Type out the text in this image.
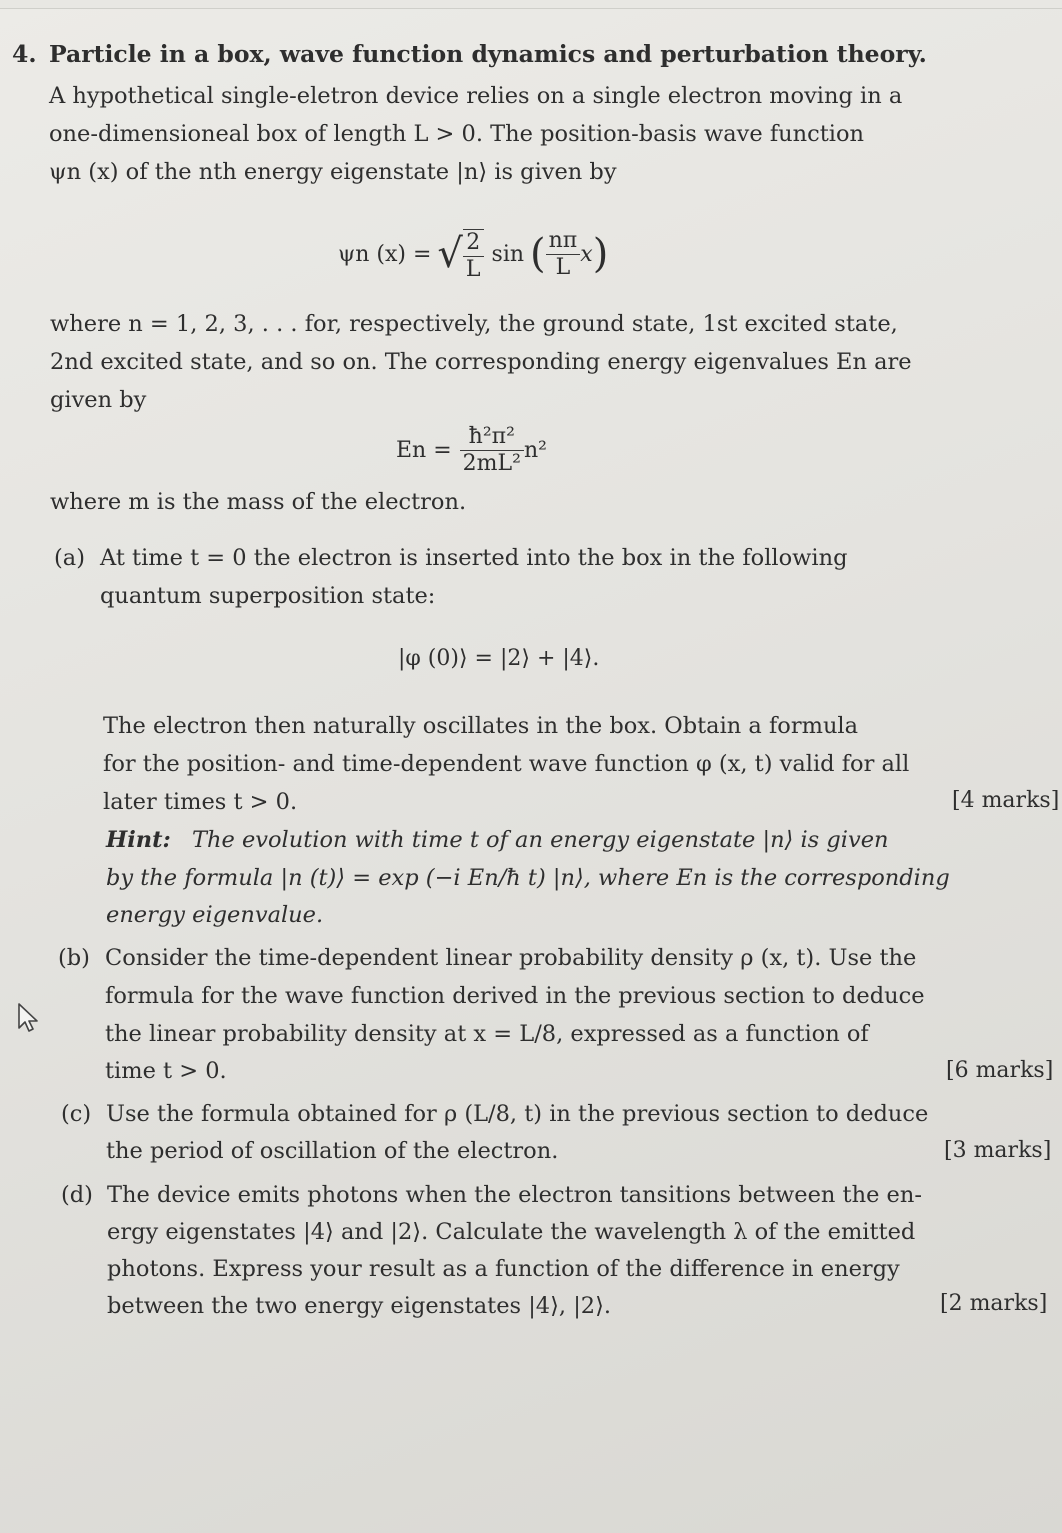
4. Particle in a box, wave function dynamics and perturbation theory.
A hypothetical single-eletron device relies on a single electron moving in a
one-dimensioneal box of length L > 0. The position-basis wave function
ψn (x) of the nth energy eigenstate |n⟩ is given by
ψn (x) = √ $\frac{2}{L}$ sin ( $\frac{n\pi}{L}$ x )
where n = 1, 2, 3, . . . for, respectively, the ground state, 1st excited state,
2nd excited state, and so on. The corresponding energy eigenvalues En are
given by
$En = \frac{\text{ħ²π²}}{\text{2mL²}} n^2$
where m is the mass of the electron.
(a) At time t = 0 the electron is inserted into the box in the following
quantum superposition state:
|φ (0)⟩ = |2⟩ + |4⟩.
The electron then naturally oscillates in the box. Obtain a formula
for the position- and time-dependent wave function φ (x, t) valid for all
later times t > 0.	[4 marks]
Hint: The evolution with time t of an energy eigenstate |n⟩ is given
by the formula |n (t)⟩ = exp (−i En/ħ t) |n⟩, where En is the corresponding
energy eigenvalue.
(b) Consider the time-dependent linear probability density ρ (x, t). Use the
formula for the wave function derived in the previous section to deduce
the linear probability density at x = L/8, expressed as a function of
time t > 0.	[6 marks]
(c) Use the formula obtained for ρ (L/8, t) in the previous section to deduce
the period of oscillation of the electron.	[3 marks]
(d) The device emits photons when the electron tansitions between the en-
ergy eigenstates |4⟩ and |2⟩. Calculate the wavelength λ of the emitted
photons. Express your result as a function of the difference in energy
between the two energy eigenstates |4⟩, |2⟩.	[2 marks]
